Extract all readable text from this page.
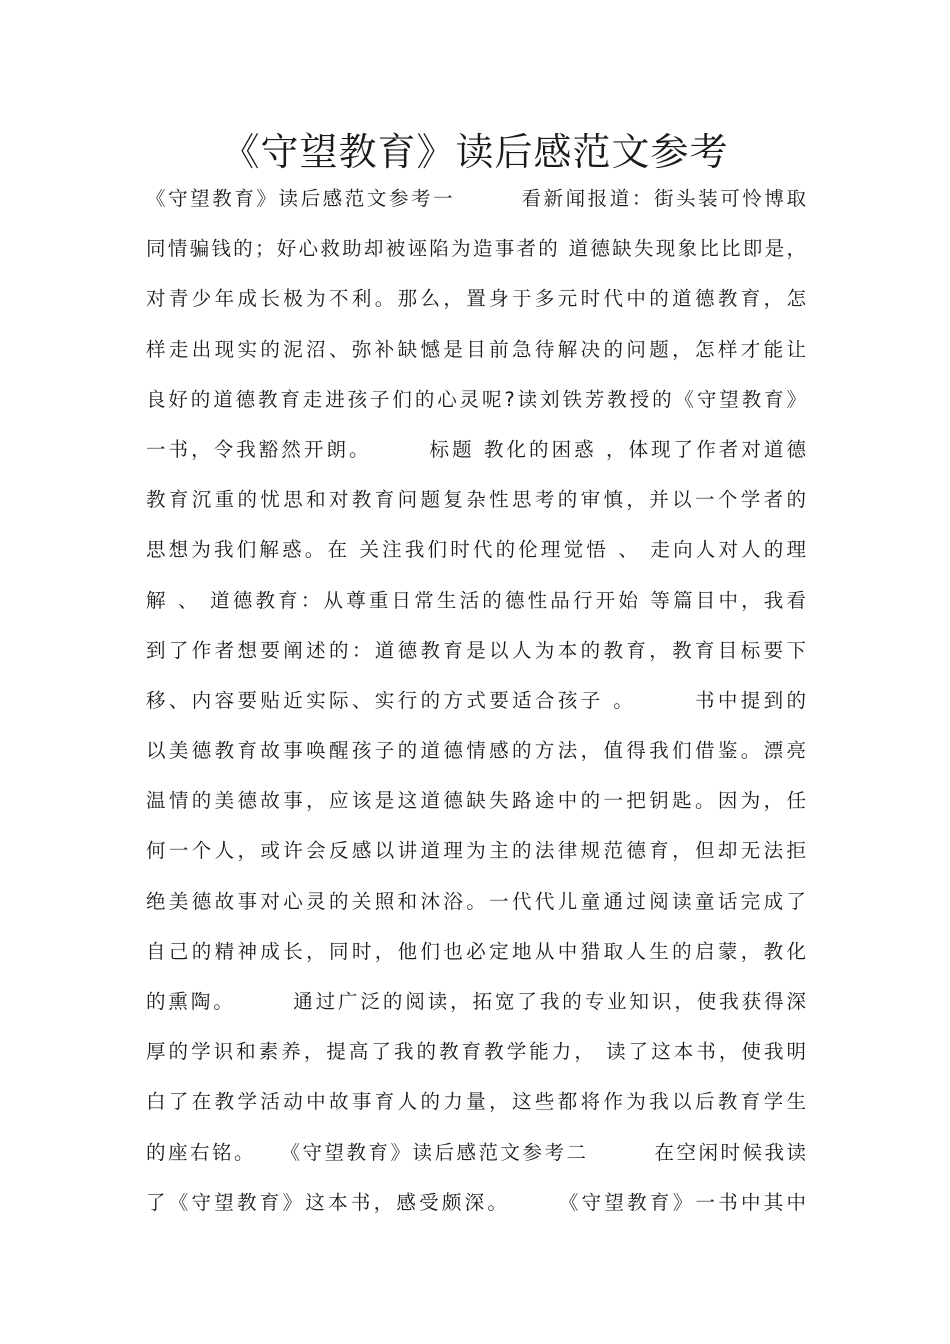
《守望教育》读后感范文参考
《守望教育》读后感范文参考一　　　看新闻报道：街头装可怜博取
同情骗钱的；好心救助却被诬陷为造事者的 道德缺失现象比比即是，
对青少年成长极为不利。那么，置身于多元时代中的道德教育，怎
样走出现实的泥沼、弥补缺憾是目前急待解决的问题，怎样才能让
良好的道德教育走进孩子们的心灵呢?读刘铁芳教授的《守望教育》
一书，令我豁然开朗。　　　标题 教化的困惑 ，体现了作者对道德
教育沉重的忧思和对教育问题复杂性思考的审慎，并以一个学者的
思想为我们解惑。在 关注我们时代的伦理觉悟 、 走向人对人的理
解 、 道德教育：从尊重日常生活的德性品行开始 等篇目中，我看
到了作者想要阐述的：道德教育是以人为本的教育，教育目标要下
移、内容要贴近实际、实行的方式要适合孩子 。　　　书中提到的
以美德教育故事唤醒孩子的道德情感的方法，值得我们借鉴。漂亮
温情的美德故事，应该是这道德缺失路途中的一把钥匙。因为，任
何一个人，或许会反感以讲道理为主的法律规范德育，但却无法拒
绝美德故事对心灵的关照和沐浴。一代代儿童通过阅读童话完成了
自己的精神成长，同时，他们也必定地从中猎取人生的启蒙，教化
的熏陶。　　　通过广泛的阅读，拓宽了我的专业知识，使我获得深
厚的学识和素养，提高了我的教育教学能力， 读了这本书，使我明
白了在教学活动中故事育人的力量，这些都将作为我以后教育学生
的座右铭。　　《守望教育》读后感范文参考二　　　在空闲时候我读
了《守望教育》这本书，感受颇深。　　　《守望教育》一书中其中
